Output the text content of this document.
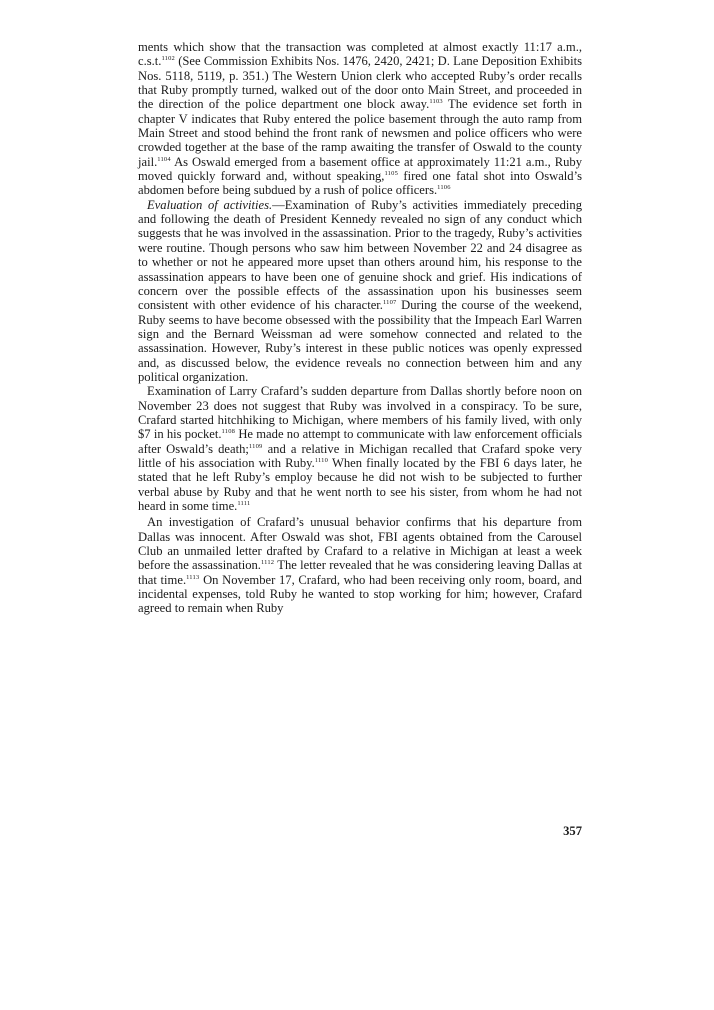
ments which show that the transaction was completed at almost exactly 11:17 a.m., c.s.t.$^{1102}$ (See Commission Exhibits Nos. 1476, 2420, 2421; D. Lane Deposition Exhibits Nos. 5118, 5119, p. 351.) The Western Union clerk who accepted Ruby’s order recalls that Ruby promptly turned, walked out of the door onto Main Street, and proceeded in the direction of the police department one block away.$^{1103}$ The evidence set forth in chapter V indicates that Ruby entered the police basement through the auto ramp from Main Street and stood behind the front rank of newsmen and police officers who were crowded together at the base of the ramp awaiting the transfer of Oswald to the county jail.$^{1104}$ As Oswald emerged from a basement office at approximately 11:21 a.m., Ruby moved quickly forward and, without speaking,$^{1105}$ fired one fatal shot into Oswald’s abdomen before being subdued by a rush of police officers.$^{1106}$

Evaluation of activities.—Examination of Ruby’s activities immediately preceding and following the death of President Kennedy revealed no sign of any conduct which suggests that he was involved in the assassination. Prior to the tragedy, Ruby’s activities were routine. Though persons who saw him between November 22 and 24 disagree as to whether or not he appeared more upset than others around him, his response to the assassination appears to have been one of genuine shock and grief. His indications of concern over the possible effects of the assassination upon his businesses seem consistent with other evidence of his character.$^{1107}$ During the course of the weekend, Ruby seems to have become obsessed with the possibility that the Impeach Earl Warren sign and the Bernard Weissman ad were somehow connected and related to the assassination. However, Ruby’s interest in these public notices was openly expressed and, as discussed below, the evidence reveals no connection between him and any political organization.

Examination of Larry Crafard’s sudden departure from Dallas shortly before noon on November 23 does not suggest that Ruby was involved in a conspiracy. To be sure, Crafard started hitchhiking to Michigan, where members of his family lived, with only $7 in his pocket.$^{1108}$ He made no attempt to communicate with law enforcement officials after Oswald’s death;$^{1109}$ and a relative in Michigan recalled that Crafard spoke very little of his association with Ruby.$^{1110}$ When finally located by the FBI 6 days later, he stated that he left Ruby’s employ because he did not wish to be subjected to further verbal abuse by Ruby and that he went north to see his sister, from whom he had not heard in some time.$^{1111}$

An investigation of Crafard’s unusual behavior confirms that his departure from Dallas was innocent. After Oswald was shot, FBI agents obtained from the Carousel Club an unmailed letter drafted by Crafard to a relative in Michigan at least a week before the assassination.$^{1112}$ The letter revealed that he was considering leaving Dallas at that time.$^{1113}$ On November 17, Crafard, who had been receiving only room, board, and incidental expenses, told Ruby he wanted to stop working for him; however, Crafard agreed to remain when Ruby

357
